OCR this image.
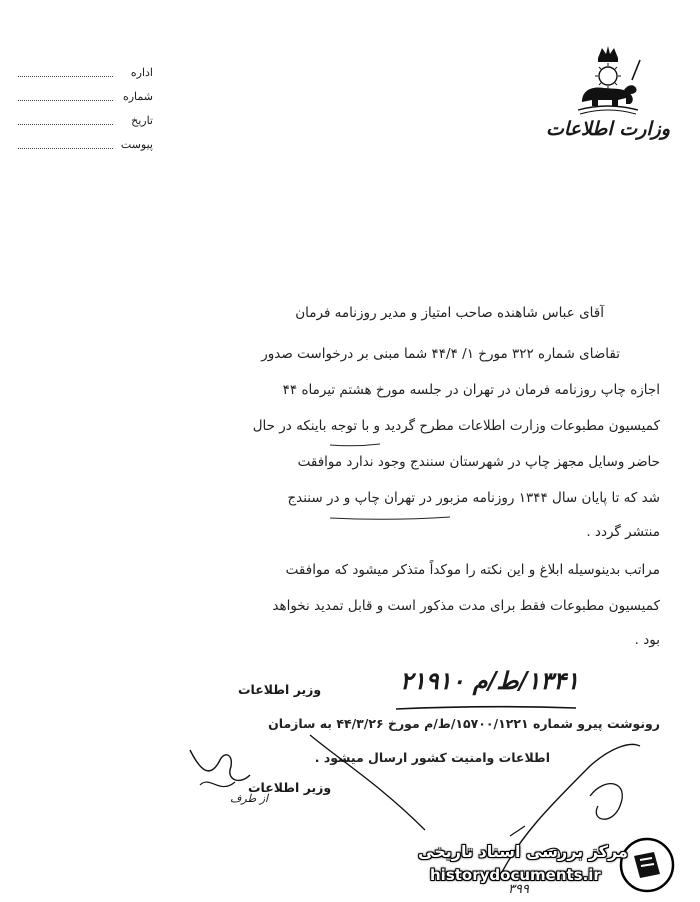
اداره
شماره
تاریخ
پیوست
وزارت اطلاعات
آقای عباس شاهنده صاحب امتیاز و مدیر روزنامه فرمان
تقاضای شماره ۳۲۲ مورخ ۱/ ۴۴/۴ شما مبنی بر درخواست صدور
اجازه چاپ روزنامه فرمان در تهران در جلسه مورخ هشتم تیرماه ۴۴
کمیسیون مطبوعات وزارت اطلاعات مطرح گردید و با توجه باینکه در حال
حاضر وسایل مجهز چاپ در شهرستان سنندج وجود ندارد موافقت
شد که تا پایان سال ۱۳۴۴ روزنامه مزبور در تهران چاپ و در سنندج
منتشر گردد .
مراتب بدینوسیله ابلاغ و این نکته را موکداً متذکر میشود که موافقت
کمیسیون مطبوعات فقط برای مدت مذکور است و قابل تمدید نخواهد
بود .
۱۳۴۱/ط/م ۲۱۹۱۰
وزیر اطلاعات
رونوشت پیرو شماره ۱۵۷۰۰/۱۲۲۱/ط/م مورخ ۴۴/۳/۲۶ به سازمان
اطلاعات وامنیت کشور ارسال میشود .
وزیر اطلاعات
از طرف
مرکز بررسی اسناد تاریخی
historydocuments.ir
۳۹۹
